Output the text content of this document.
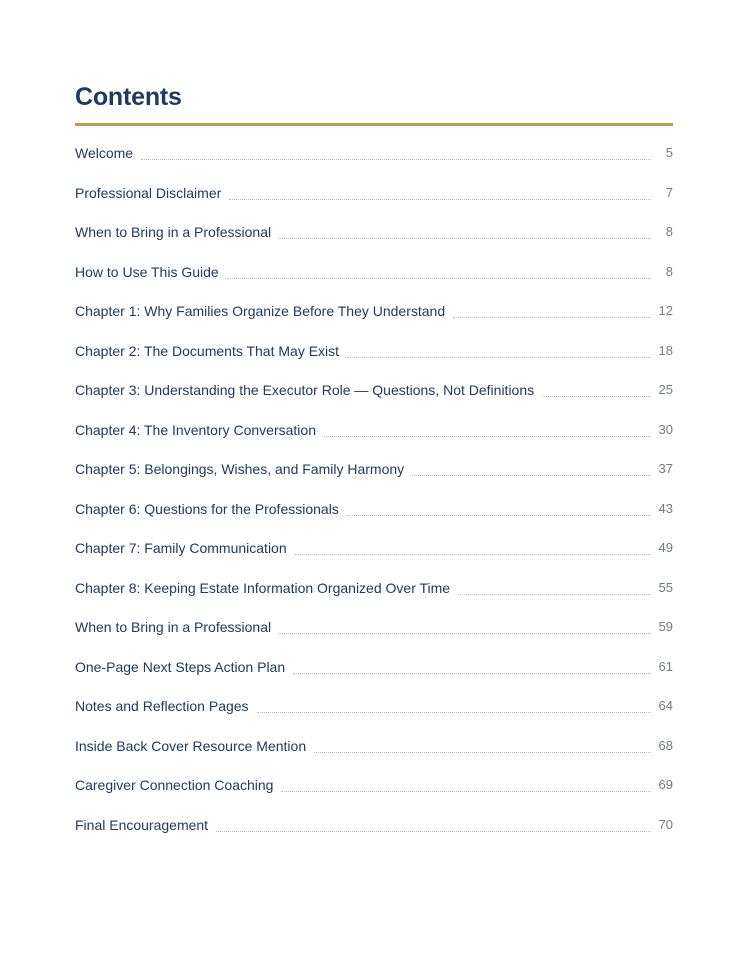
Contents
Welcome	5
Professional Disclaimer	7
When to Bring in a Professional	8
How to Use This Guide	8
Chapter 1: Why Families Organize Before They Understand	12
Chapter 2: The Documents That May Exist	18
Chapter 3: Understanding the Executor Role — Questions, Not Definitions	25
Chapter 4: The Inventory Conversation	30
Chapter 5: Belongings, Wishes, and Family Harmony	37
Chapter 6: Questions for the Professionals	43
Chapter 7: Family Communication	49
Chapter 8: Keeping Estate Information Organized Over Time	55
When to Bring in a Professional	59
One-Page Next Steps Action Plan	61
Notes and Reflection Pages	64
Inside Back Cover Resource Mention	68
Caregiver Connection Coaching	69
Final Encouragement	70
